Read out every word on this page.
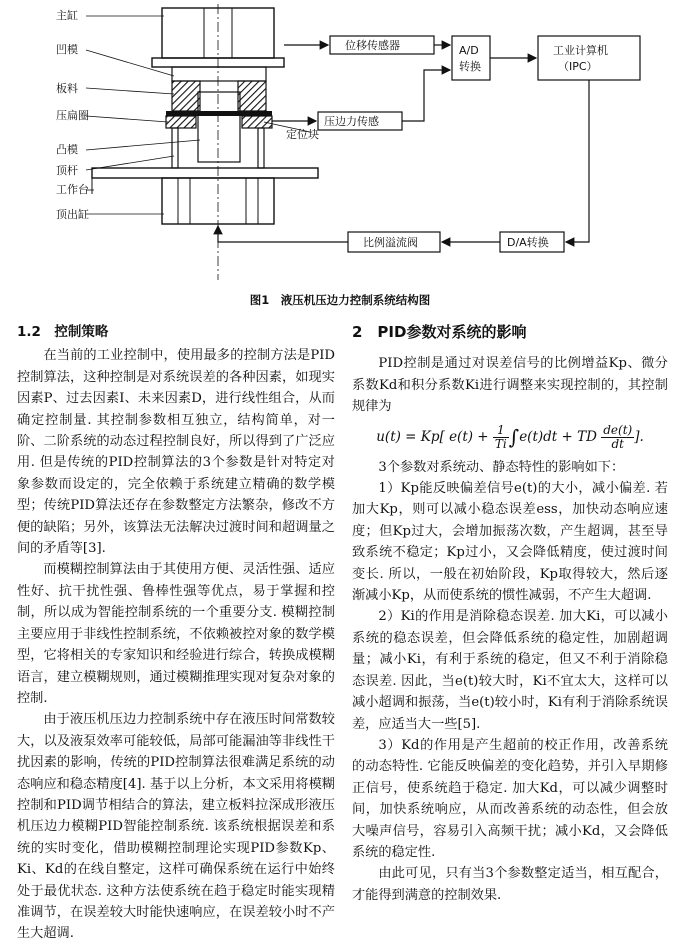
主缸
凹模
板料
压扁圈
凸模
顶杆
工作台
顶出缸
定位块
位移传感器
压边力传感
A/D
转换
工业计算机
（IPC）
D/A转换
比例溢流阀
图1　液压机压边力控制系统结构图
1.2　控制策略

在当前的工业控制中，使用最多的控制方法是PID控制算法，这种控制是对系统误差的各种因素，如现实因素P、过去因素I、未来因素D，进行线性组合，从而确定控制量. 其控制参数相互独立，结构简单，对一阶、二阶系统的动态过程控制良好，所以得到了广泛应用. 但是传统的PID控制算法的3个参数是针对特定对象参数而设定的，完全依赖于系统建立精确的数学模型；传统PID算法还存在参数整定方法繁杂，修改不方便的缺陷；另外，该算法无法解决过渡时间和超调量之间的矛盾等[3].

而模糊控制算法由于其使用方便、灵活性强、适应性好、抗干扰性强、鲁棒性强等优点，易于掌握和控制，所以成为智能控制系统的一个重要分支. 模糊控制主要应用于非线性控制系统，不依赖被控对象的数学模型，它将相关的专家知识和经验进行综合，转换成模糊语言，建立模糊规则，通过模糊推理实现对复杂对象的控制.

由于液压机压边力控制系统中存在液压时间常数较大，以及液泵效率可能较低，局部可能漏油等非线性干扰因素的影响，传统的PID控制算法很难满足系统的动态响应和稳态精度[4]. 基于以上分析，本文采用将模糊控制和PID调节相结合的算法，建立板料拉深成形液压机压边力模糊PID智能控制系统. 该系统根据误差和系统的实时变化，借助模糊控制理论实现PID参数Kp、Ki、Kd的在线自整定，这样可确保系统在运行中始终处于最优状态. 这种方法使系统在趋于稳定时能实现精准调节，在误差较大时能快速响应，在误差较小时不产生大超调.

2　PID参数对系统的影响

PID控制是通过对误差信号的比例增益Kp、微分系数Kd和积分系数Ki进行调整来实现控制的，其控制规律为

u(t) = Kp[ $e(t) + \frac{1}{Ti} \int e(t)dt$ + TD $\frac{de(t)}{dt}$ ].

3个参数对系统动、静态特性的影响如下：

1）Kp能反映偏差信号e(t)的大小，减小偏差. 若加大Kp，则可以减小稳态误差ess，加快动态响应速度；但Kp过大，会增加振荡次数，产生超调，甚至导致系统不稳定；Kp过小，又会降低精度，使过渡时间变长. 所以，一般在初始阶段，Kp取得较大，然后逐渐减小Kp，从而使系统的惯性减弱，不产生大超调.

2）Ki的作用是消除稳态误差. 加大Ki，可以减小系统的稳态误差，但会降低系统的稳定性，加剧超调量；减小Ki，有利于系统的稳定，但又不利于消除稳态误差. 因此，当e(t)较大时，Ki不宜太大，这样可以减小超调和振荡，当e(t)较小时，Ki有利于消除系统误差，应适当大一些[5].

3）Kd的作用是产生超前的校正作用，改善系统的动态特性. 它能反映偏差的变化趋势，并引入早期修正信号，使系统趋于稳定. 加大Kd，可以减少调整时间，加快系统响应，从而改善系统的动态性，但会放大噪声信号，容易引入高频干扰；减小Kd，又会降低系统的稳定性.

由此可见，只有当3个参数整定适当，相互配合，才能得到满意的控制效果.
